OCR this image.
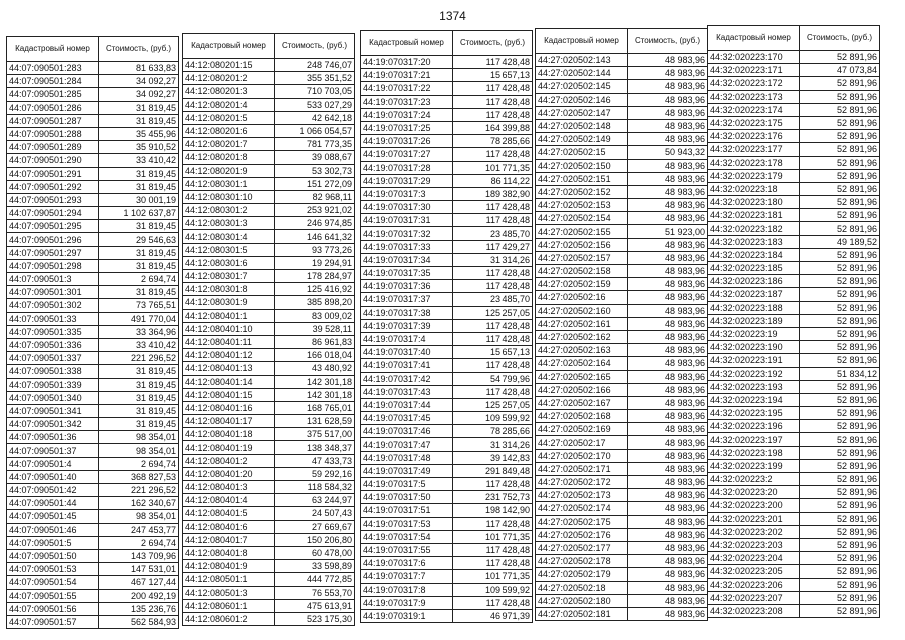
1374
Кадастровый номер	Стоимость, (руб.)
44:07:090501:283	81 633,83
44:07:090501:284	34 092,27
44:07:090501:285	34 092,27
44:07:090501:286	31 819,45
44:07:090501:287	31 819,45
44:07:090501:288	35 455,96
44:07:090501:289	35 910,52
44:07:090501:290	33 410,42
44:07:090501:291	31 819,45
44:07:090501:292	31 819,45
44:07:090501:293	30 001,19
44:07:090501:294	1 102 637,87
44:07:090501:295	31 819,45
44:07:090501:296	29 546,63
44:07:090501:297	31 819,45
44:07:090501:298	31 819,45
44:07:090501:3	2 694,74
44:07:090501:301	31 819,45
44:07:090501:302	73 765,51
44:07:090501:33	491 770,04
44:07:090501:335	33 364,96
44:07:090501:336	33 410,42
44:07:090501:337	221 296,52
44:07:090501:338	31 819,45
44:07:090501:339	31 819,45
44:07:090501:340	31 819,45
44:07:090501:341	31 819,45
44:07:090501:342	31 819,45
44:07:090501:36	98 354,01
44:07:090501:37	98 354,01
44:07:090501:4	2 694,74
44:07:090501:40	368 827,53
44:07:090501:42	221 296,52
44:07:090501:44	162 340,67
44:07:090501:45	98 354,01
44:07:090501:46	247 453,77
44:07:090501:5	2 694,74
44:07:090501:50	143 709,96
44:07:090501:53	147 531,01
44:07:090501:54	467 127,44
44:07:090501:55	200 492,19
44:07:090501:56	135 236,76
44:07:090501:57	562 584,93
Кадастровый номер	Стоимость, (руб.)
44:12:080201:15	248 746,07
44:12:080201:2	355 351,52
44:12:080201:3	710 703,05
44:12:080201:4	533 027,29
44:12:080201:5	42 642,18
44:12:080201:6	1 066 054,57
44:12:080201:7	781 773,35
44:12:080201:8	39 088,67
44:12:080201:9	53 302,73
44:12:080301:1	151 272,09
44:12:080301:10	82 968,11
44:12:080301:2	253 921,02
44:12:080301:3	246 974,85
44:12:080301:4	146 641,32
44:12:080301:5	93 773,26
44:12:080301:6	19 294,91
44:12:080301:7	178 284,97
44:12:080301:8	125 416,92
44:12:080301:9	385 898,20
44:12:080401:1	83 009,02
44:12:080401:10	39 528,11
44:12:080401:11	86 961,83
44:12:080401:12	166 018,04
44:12:080401:13	43 480,92
44:12:080401:14	142 301,18
44:12:080401:15	142 301,18
44:12:080401:16	168 765,01
44:12:080401:17	131 628,59
44:12:080401:18	375 517,00
44:12:080401:19	138 348,37
44:12:080401:2	47 433,73
44:12:080401:20	59 292,16
44:12:080401:3	118 584,32
44:12:080401:4	63 244,97
44:12:080401:5	24 507,43
44:12:080401:6	27 669,67
44:12:080401:7	150 206,80
44:12:080401:8	60 478,00
44:12:080401:9	33 598,89
44:12:080501:1	444 772,85
44:12:080501:3	76 553,70
44:12:080601:1	475 613,91
44:12:080601:2	523 175,30
Кадастровый номер	Стоимость, (руб.)
44:19:070317:20	117 428,48
44:19:070317:21	15 657,13
44:19:070317:22	117 428,48
44:19:070317:23	117 428,48
44:19:070317:24	117 428,48
44:19:070317:25	164 399,88
44:19:070317:26	78 285,66
44:19:070317:27	117 428,48
44:19:070317:28	101 771,35
44:19:070317:29	86 114,22
44:19:070317:3	189 382,90
44:19:070317:30	117 428,48
44:19:070317:31	117 428,48
44:19:070317:32	23 485,70
44:19:070317:33	117 429,27
44:19:070317:34	31 314,26
44:19:070317:35	117 428,48
44:19:070317:36	117 428,48
44:19:070317:37	23 485,70
44:19:070317:38	125 257,05
44:19:070317:39	117 428,48
44:19:070317:4	117 428,48
44:19:070317:40	15 657,13
44:19:070317:41	117 428,48
44:19:070317:42	54 799,96
44:19:070317:43	117 428,48
44:19:070317:44	125 257,05
44:19:070317:45	109 599,92
44:19:070317:46	78 285,66
44:19:070317:47	31 314,26
44:19:070317:48	39 142,83
44:19:070317:49	291 849,48
44:19:070317:5	117 428,48
44:19:070317:50	231 752,73
44:19:070317:51	198 142,90
44:19:070317:53	117 428,48
44:19:070317:54	101 771,35
44:19:070317:55	117 428,48
44:19:070317:6	117 428,48
44:19:070317:7	101 771,35
44:19:070317:8	109 599,92
44:19:070317:9	117 428,48
44:19:070319:1	46 971,39
Кадастровый номер	Стоимость, (руб.)
44:27:020502:143	48 983,96
44:27:020502:144	48 983,96
44:27:020502:145	48 983,96
44:27:020502:146	48 983,96
44:27:020502:147	48 983,96
44:27:020502:148	48 983,96
44:27:020502:149	48 983,96
44:27:020502:15	50 943,32
44:27:020502:150	48 983,96
44:27:020502:151	48 983,96
44:27:020502:152	48 983,96
44:27:020502:153	48 983,96
44:27:020502:154	48 983,96
44:27:020502:155	51 923,00
44:27:020502:156	48 983,96
44:27:020502:157	48 983,96
44:27:020502:158	48 983,96
44:27:020502:159	48 983,96
44:27:020502:16	48 983,96
44:27:020502:160	48 983,96
44:27:020502:161	48 983,96
44:27:020502:162	48 983,96
44:27:020502:163	48 983,96
44:27:020502:164	48 983,96
44:27:020502:165	48 983,96
44:27:020502:166	48 983,96
44:27:020502:167	48 983,96
44:27:020502:168	48 983,96
44:27:020502:169	48 983,96
44:27:020502:17	48 983,96
44:27:020502:170	48 983,96
44:27:020502:171	48 983,96
44:27:020502:172	48 983,96
44:27:020502:173	48 983,96
44:27:020502:174	48 983,96
44:27:020502:175	48 983,96
44:27:020502:176	48 983,96
44:27:020502:177	48 983,96
44:27:020502:178	48 983,96
44:27:020502:179	48 983,96
44:27:020502:18	48 983,96
44:27:020502:180	48 983,96
44:27:020502:181	48 983,96
Кадастровый номер	Стоимость, (руб.)
44:32:020223:170	52 891,96
44:32:020223:171	47 073,84
44:32:020223:172	52 891,96
44:32:020223:173	52 891,96
44:32:020223:174	52 891,96
44:32:020223:175	52 891,96
44:32:020223:176	52 891,96
44:32:020223:177	52 891,96
44:32:020223:178	52 891,96
44:32:020223:179	52 891,96
44:32:020223:18	52 891,96
44:32:020223:180	52 891,96
44:32:020223:181	52 891,96
44:32:020223:182	52 891,96
44:32:020223:183	49 189,52
44:32:020223:184	52 891,96
44:32:020223:185	52 891,96
44:32:020223:186	52 891,96
44:32:020223:187	52 891,96
44:32:020223:188	52 891,96
44:32:020223:189	52 891,96
44:32:020223:19	52 891,96
44:32:020223:190	52 891,96
44:32:020223:191	52 891,96
44:32:020223:192	51 834,12
44:32:020223:193	52 891,96
44:32:020223:194	52 891,96
44:32:020223:195	52 891,96
44:32:020223:196	52 891,96
44:32:020223:197	52 891,96
44:32:020223:198	52 891,96
44:32:020223:199	52 891,96
44:32:020223:2	52 891,96
44:32:020223:20	52 891,96
44:32:020223:200	52 891,96
44:32:020223:201	52 891,96
44:32:020223:202	52 891,96
44:32:020223:203	52 891,96
44:32:020223:204	52 891,96
44:32:020223:205	52 891,96
44:32:020223:206	52 891,96
44:32:020223:207	52 891,96
44:32:020223:208	52 891,96
